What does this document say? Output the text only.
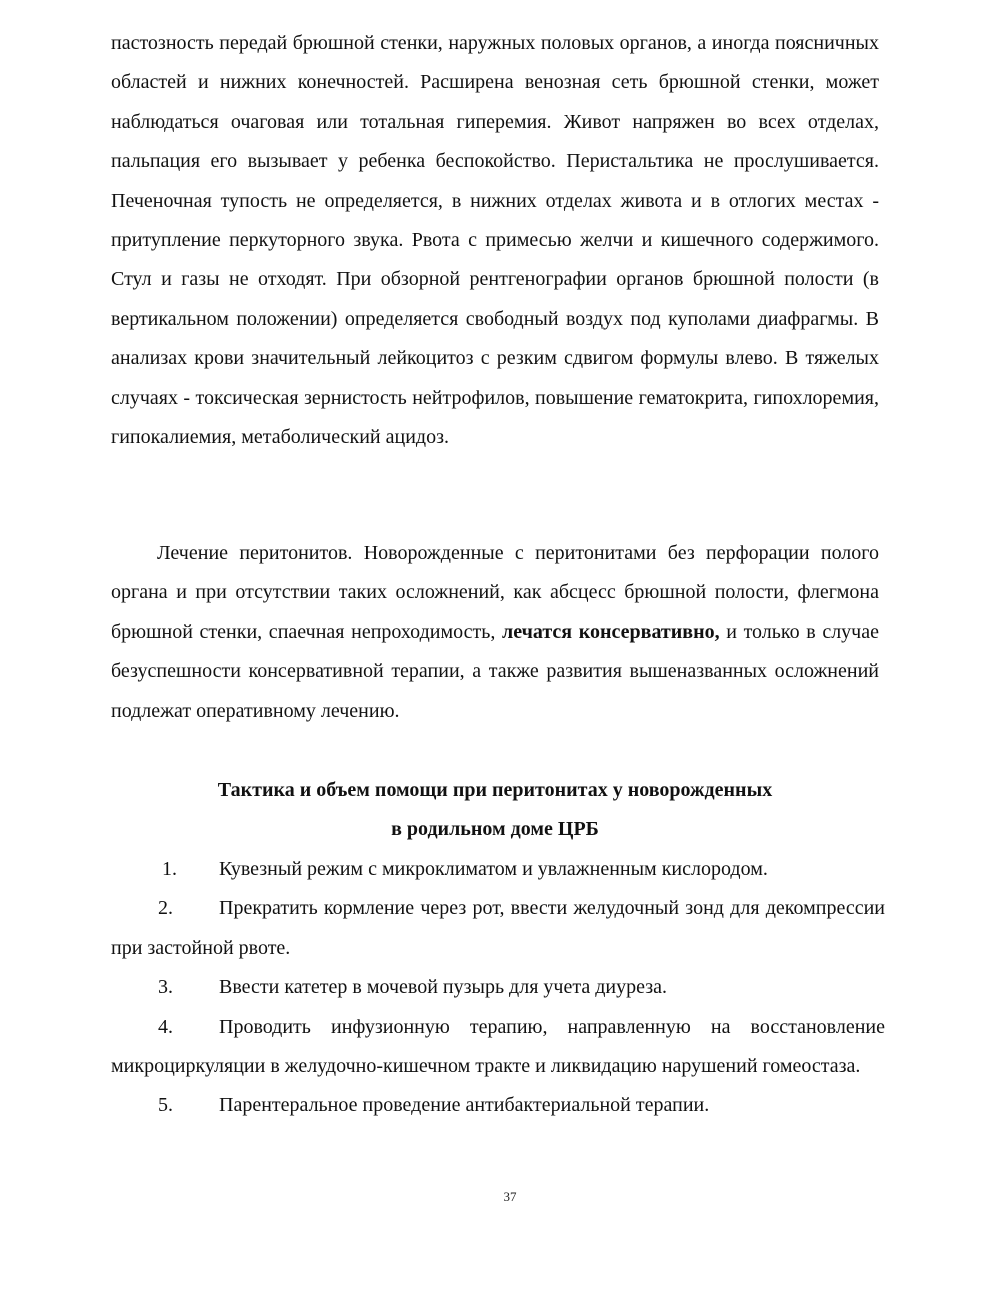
пастозность передай брюшной стенки, наружных половых органов, а иногда поясничных областей и нижних конечностей. Расширена венозная сеть брюшной стенки, может наблюдаться очаговая или тотальная гиперемия. Живот напряжен во всех отделах, пальпация его вызывает у ребенка беспокойство. Перистальтика не прослушивается. Печеночная тупость не определяется, в нижних отделах живота и в отлогих местах - притупление перкуторного звука. Рвота с примесью желчи и кишечного содержимого. Стул и газы не отходят. При обзорной рентгенографии органов брюшной полости (в вертикальном положении) определяется свободный воздух под куполами диафрагмы. В анализах крови значительный лейкоцитоз с резким сдвигом формулы влево. В тяжелых случаях - токсическая зернистость нейтрофилов, повышение гематокрита, гипохлоремия, гипокалиемия, метаболический ацидоз.

Лечение перитонитов. Новорожденные с перитонитами без перфорации полого органа и при отсутствии таких осложнений, как абсцесс брюшной полости, флегмона брюшной стенки, спаечная непроходимость, лечатся консервативно, и только в случае безуспешности консервативной терапии, а также развития вышеназванных осложнений подлежат оперативному лечению.

Тактика и объем помощи при перитонитах у новорожденных
в родильном доме ЦРБ

1. Кувезный режим с микроклиматом и увлажненным кислородом.

2. Прекратить кормление через рот, ввести желудочный зонд для декомпрессии при застойной рвоте.

3. Ввести катетер в мочевой пузырь для учета диуреза.

4. Проводить инфузионную терапию, направленную на восстановление микроциркуляции в желудочно-кишечном тракте и ликвидацию нарушений гомеостаза.

5. Парентеральное проведение антибактериальной терапии.

37
